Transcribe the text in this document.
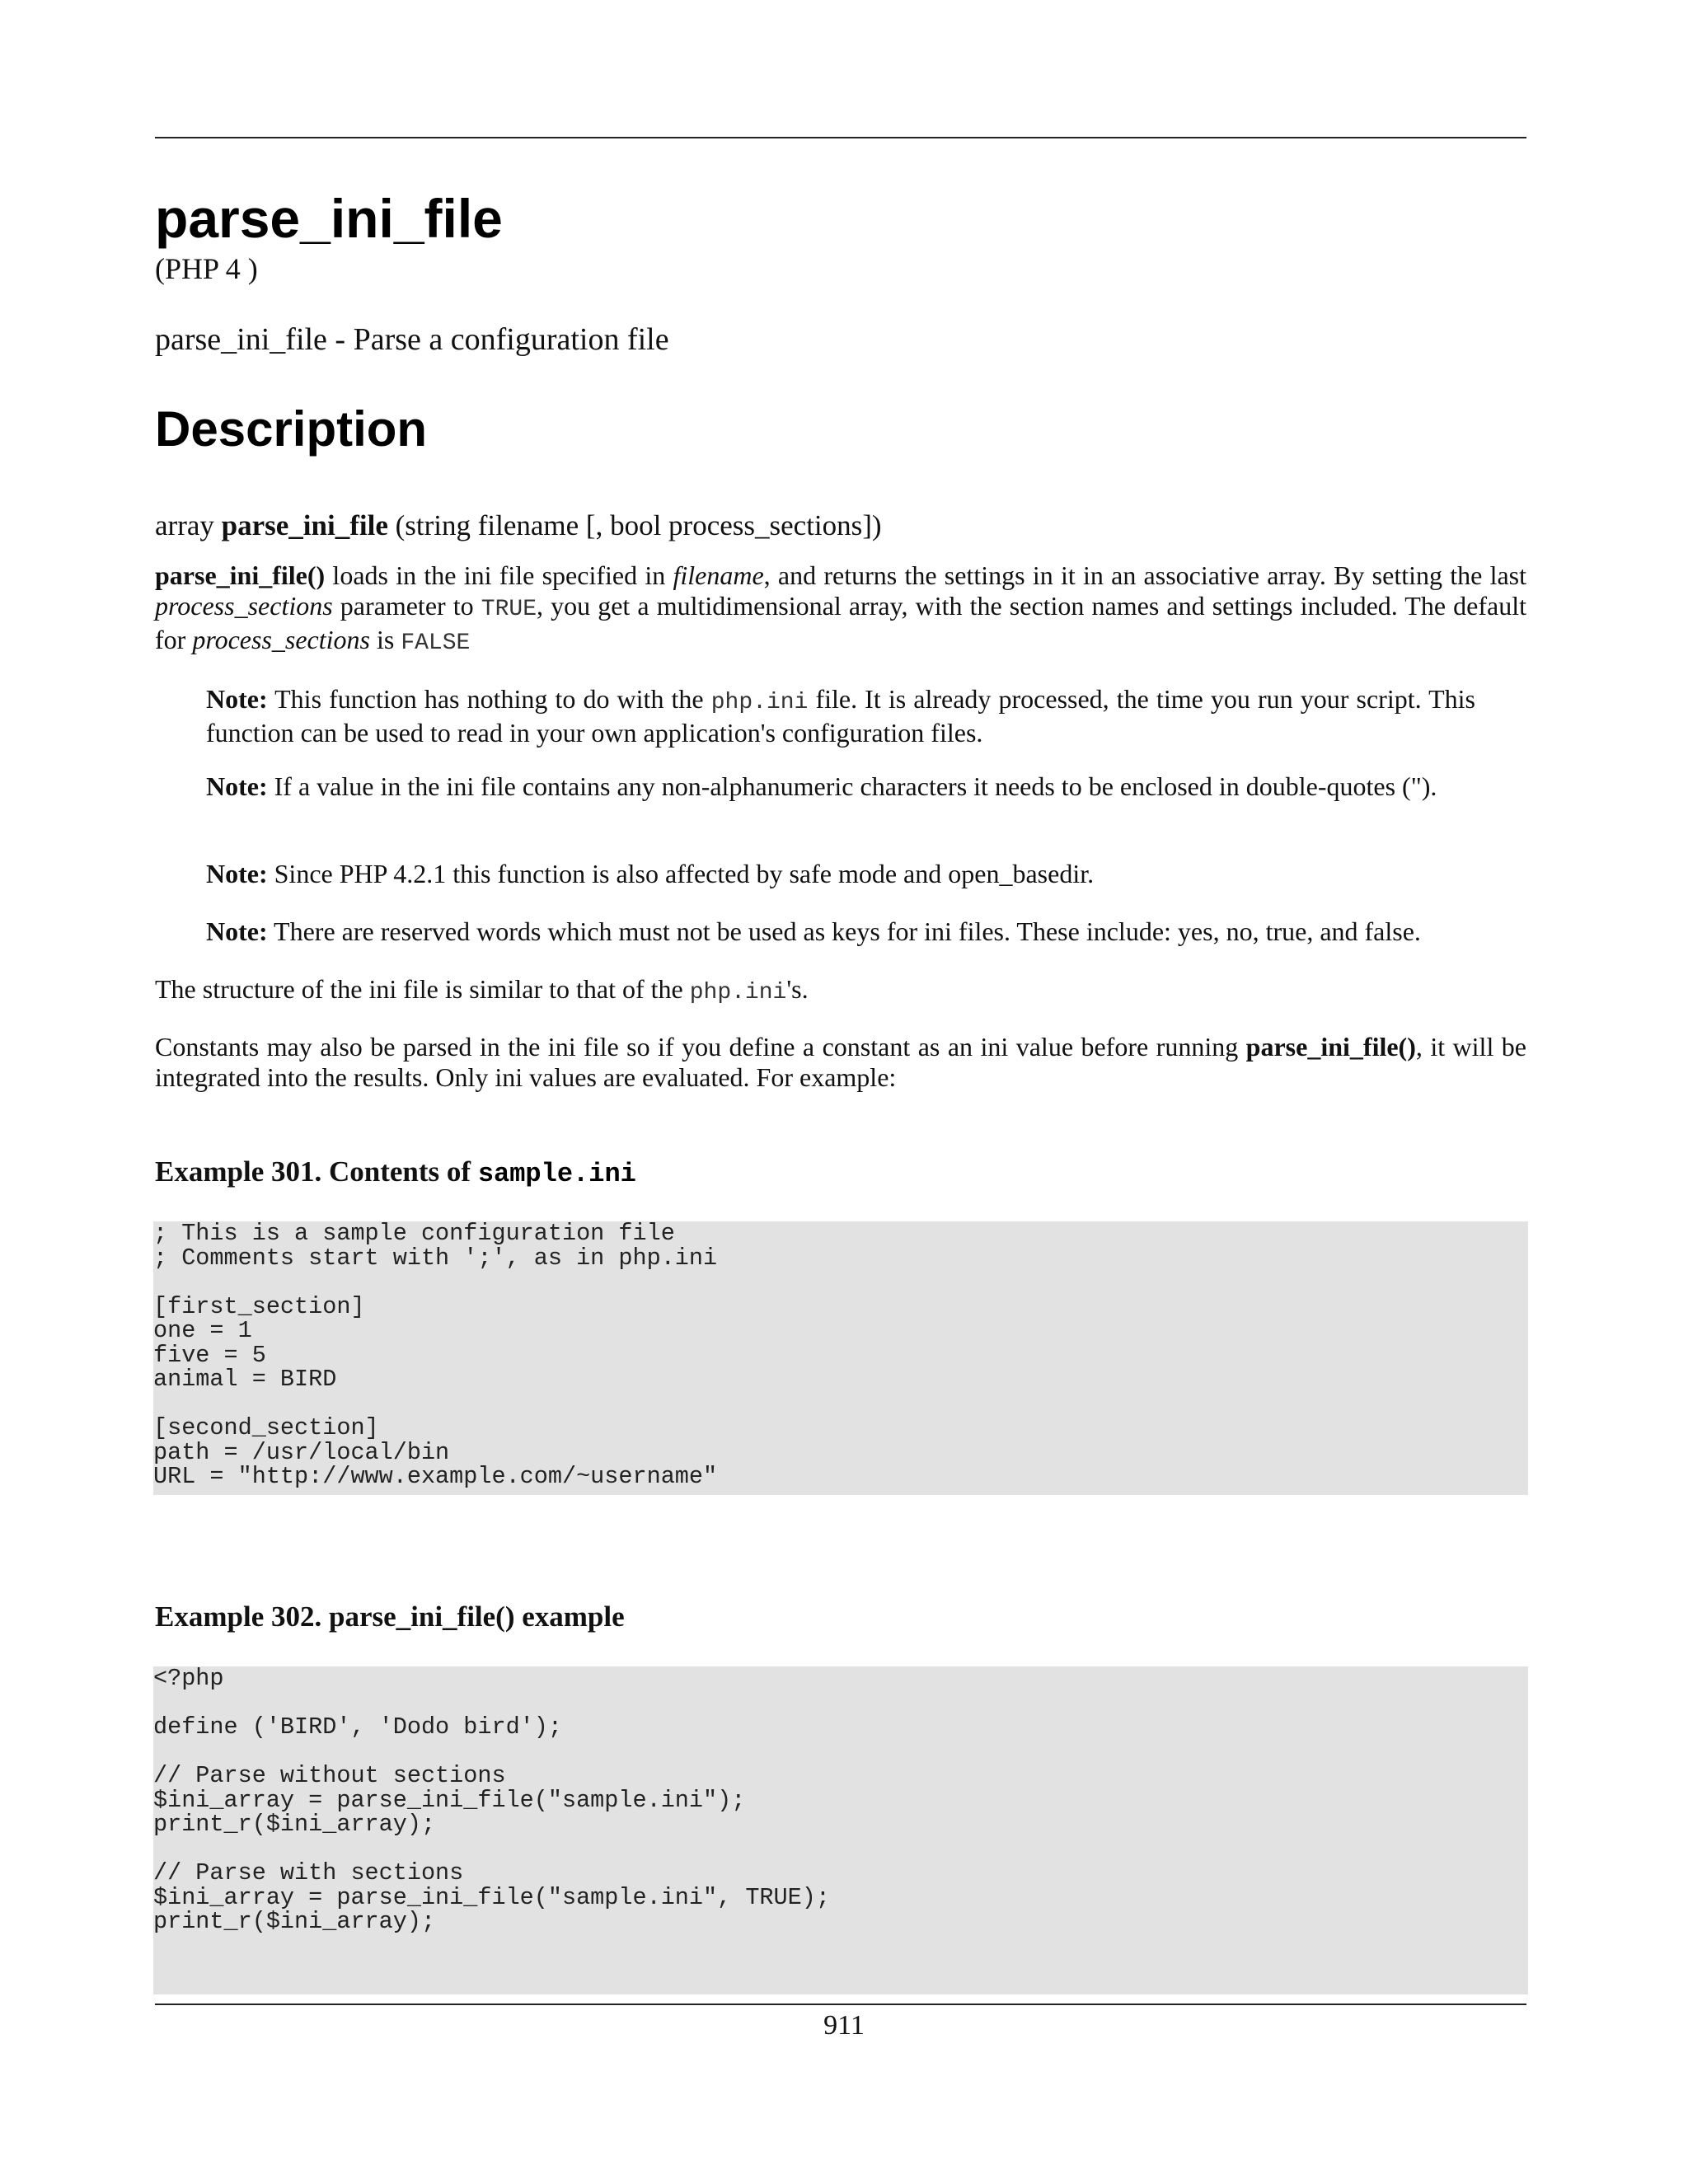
parse_ini_file
(PHP 4 )
parse_ini_file - Parse a configuration file
Description
array parse_ini_file (string filename [, bool process_sections])
parse_ini_file() loads in the ini file specified in filename, and returns the settings in it in an associative array. By setting the last process_sections parameter to TRUE, you get a multidimensional array, with the section names and settings included. The default for process_sections is FALSE
Note: This function has nothing to do with the php.ini file. It is already processed, the time you run your script. This function can be used to read in your own application's configuration files.
Note: If a value in the ini file contains any non-alphanumeric characters it needs to be enclosed in double-quotes (").
Note: Since PHP 4.2.1 this function is also affected by safe mode and open_basedir.
Note: There are reserved words which must not be used as keys for ini files. These include: yes, no, true, and false.
The structure of the ini file is similar to that of the php.ini's.
Constants may also be parsed in the ini file so if you define a constant as an ini value before running parse_ini_file(), it will be integrated into the results. Only ini values are evaluated. For example:
Example 301. Contents of sample.ini
; This is a sample configuration file
; Comments start with ';', as in php.ini

[first_section]
one = 1
five = 5
animal = BIRD

[second_section]
path = /usr/local/bin
URL = "http://www.example.com/~username"
Example 302. parse_ini_file() example
<?php

define ('BIRD', 'Dodo bird');

// Parse without sections
$ini_array = parse_ini_file("sample.ini");
print_r($ini_array);

// Parse with sections
$ini_array = parse_ini_file("sample.ini", TRUE);
print_r($ini_array);

911
